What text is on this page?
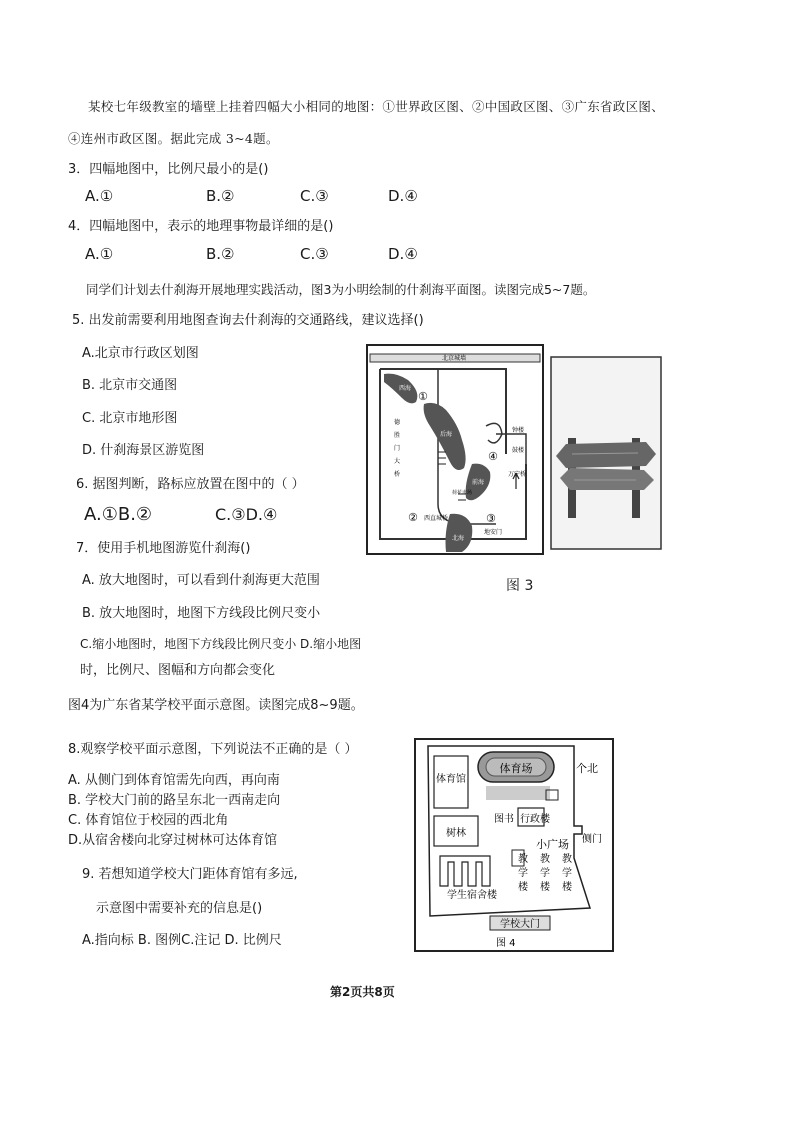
某校七年级教室的墙壁上挂着四幅大小相同的地图：①世界政区图、②中国政区图、③广东省政区图、
④连州市政区图。据此完成 3~4题。
3．四幅地图中，比例尺最小的是()
A.①	B.②	C.③	D.④
4．四幅地图中，表示的地理事物最详细的是()
A.①	B.②	C.③	D.④
同学们计划去什刹海开展地理实践活动，图3为小明绘制的什刹海平面图。读图完成5~7题。
5. 出发前需要利用地图查询去什刹海的交通路线，建议选择()
A.北京市行政区划图
B. 北京市交通图
C. 北京市地形图
D. 什刹海景区游览图
6. 据图判断，路标应放置在图中的（ ）
A.①B.②	C.③D.④
7．使用手机地图游览什刹海()
A. 放大地图时，可以看到什刹海更大范围
B. 放大地图时，地图下方线段比例尺变小
C.缩小地图时，地图下方线段比例尺变小 D.缩小地图
时，比例尺、图幅和方向都会变化
北京城墙
西海
后海
前海
北海
德胜门大桥
钟楼
鼓楼
万宁桥
西直城桥
荷花市场
地安门
①
②	③
④
图 3
图4为广东省某学校平面示意图。读图完成8~9题。
8.观察学校平面示意图，下列说法不正确的是（ ）
A. 从侧门到体育馆需先向西，再向南
B. 学校大门前的路呈东北一西南走向
C. 体育馆位于校园的西北角
D.从宿舍楼向北穿过树林可达体育馆
9. 若想知道学校大门距体育馆有多远,
示意图中需要补充的信息是()
A.指向标 B. 图例C.注记 D. 比例尺
体育馆
体育场	个北
图书 行政楼
树林
小广场 侧门
教学楼
教学楼
教学楼
学生宿舍楼
学校大门
图 4
第2页共8页
